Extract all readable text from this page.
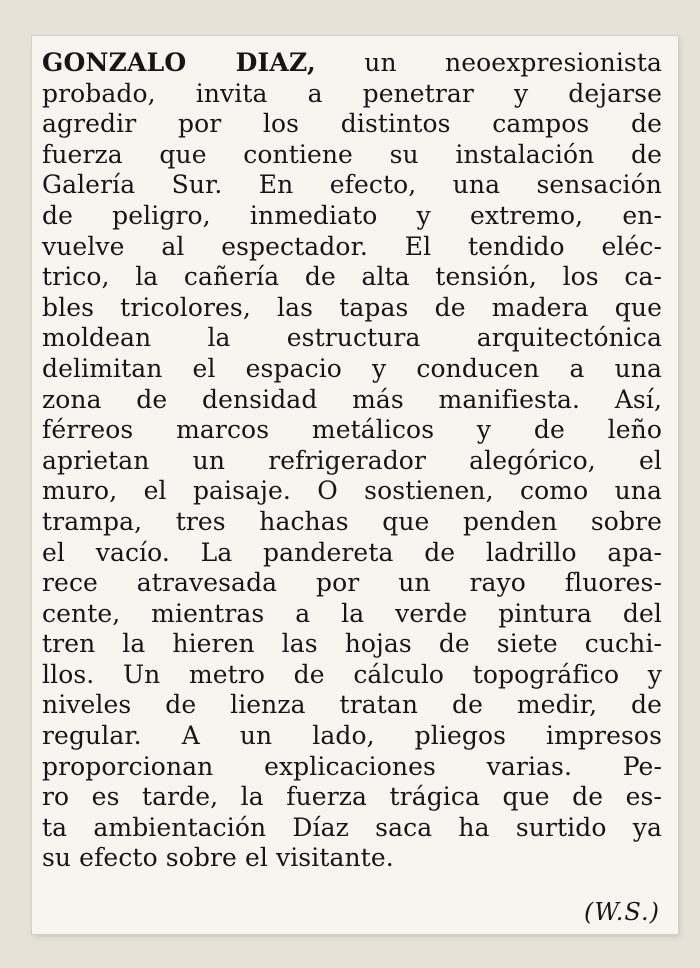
GONZALO DIAZ, un neoexpresionista
probado, invita a penetrar y dejarse
agredir por los distintos campos de
fuerza que contiene su instalación de
Galería Sur. En efecto, una sensación
de peligro, inmediato y extremo, en-
vuelve al espectador. El tendido eléc-
trico, la cañería de alta tensión, los ca-
bles tricolores, las tapas de madera que
moldean la estructura arquitectónica
delimitan el espacio y conducen a una
zona de densidad más manifiesta. Así,
férreos marcos metálicos y de leño
aprietan un refrigerador alegórico, el
muro, el paisaje. O sostienen, como una
trampa, tres hachas que penden sobre
el vacío. La pandereta de ladrillo apa-
rece atravesada por un rayo fluores-
cente, mientras a la verde pintura del
tren la hieren las hojas de siete cuchi-
llos. Un metro de cálculo topográfico y
niveles de lienza tratan de medir, de
regular. A un lado, pliegos impresos
proporcionan explicaciones varias. Pe-
ro es tarde, la fuerza trágica que de es-
ta ambientación Díaz saca ha surtido ya
su efecto sobre el visitante.

(W.S.)
